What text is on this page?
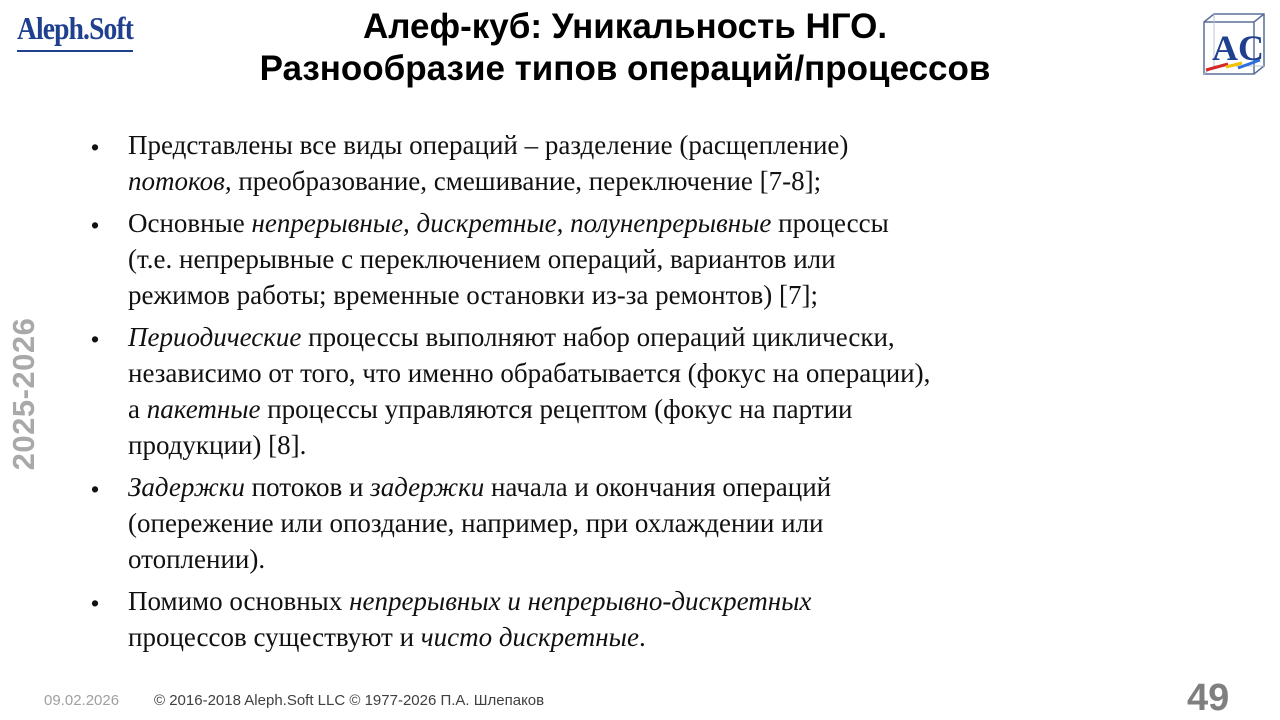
Aleph.Soft	Алеф-куб: Уникальность НГО.
Разнообразие типов операций/процессов
AC
2025-2026
• Представлены все виды операций – разделение (расщепление)
потоков, преобразование, смешивание, переключение [7-8];
• Основные непрерывные, дискретные, полунепрерывные процессы
(т.е. непрерывные с переключением операций, вариантов или
режимов работы; временные остановки из-за ремонтов) [7];
• Периодические процессы выполняют набор операций циклически,
независимо от того, что именно обрабатывается (фокус на операции),
а пакетные процессы управляются рецептом (фокус на партии
продукции) [8].
• Задержки потоков и задержки начала и окончания операций
(опережение или опоздание, например, при охлаждении или
отоплении).
• Помимо основных непрерывных и непрерывно-дискретных
процессов существуют и чисто дискретные.
09.02.2026 © 2016-2018 Aleph.Soft LLC © 1977-2026 П.А. Шлепаков	49
